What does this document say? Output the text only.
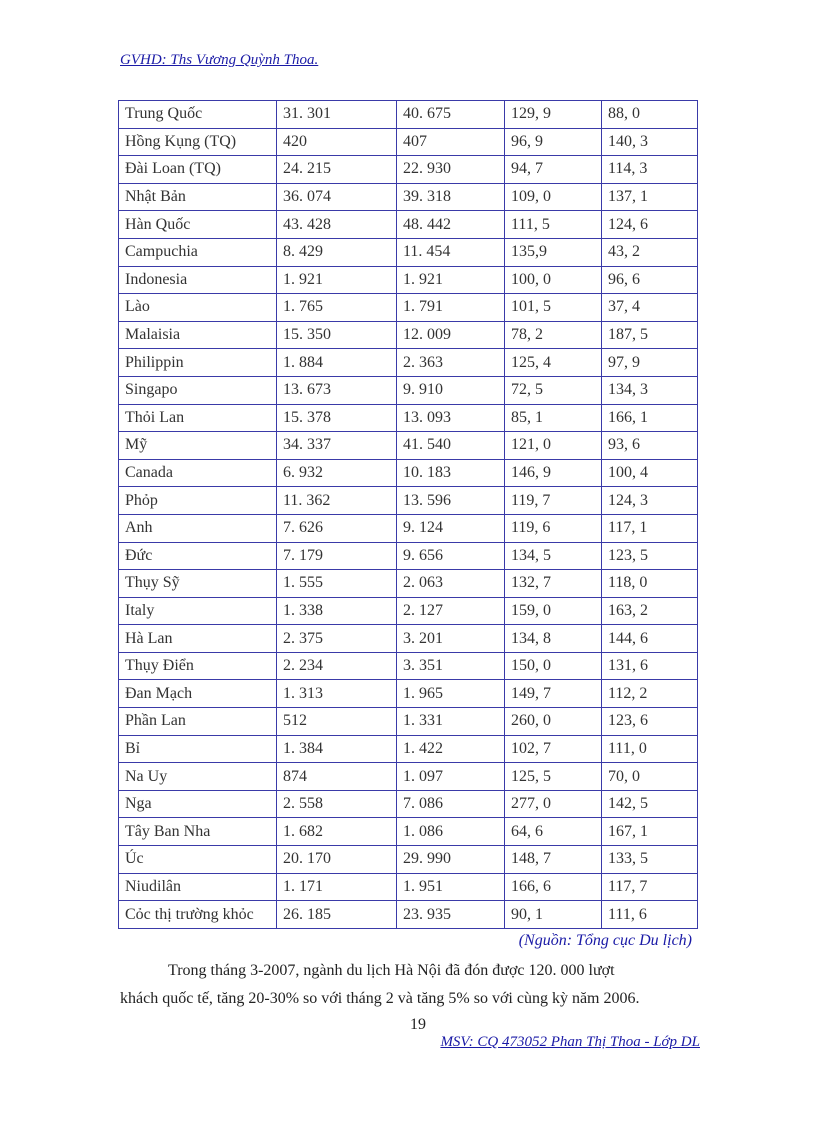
GVHD: Ths Vương Quỳnh Thoa.
Trung Quốc	31. 301	40. 675	129, 9	88, 0
Hồng Kụng (TQ)	420	407	96, 9	140, 3
Đài Loan (TQ)	24. 215	22. 930	94, 7	114, 3
Nhật Bản	36. 074	39. 318	109, 0	137, 1
Hàn Quốc	43. 428	48. 442	111, 5	124, 6
Campuchia	8. 429	11. 454	135,9	43, 2
Indonesia	1. 921	1. 921	100, 0	96, 6
Lào	1. 765	1. 791	101, 5	37, 4
Malaisia	15. 350	12. 009	78, 2	187, 5
Philippin	1. 884	2. 363	125, 4	97, 9
Singapo	13. 673	9. 910	72, 5	134, 3
Thỏi Lan	15. 378	13. 093	85, 1	166, 1
Mỹ	34. 337	41. 540	121, 0	93, 6
Canada	6. 932	10. 183	146, 9	100, 4
Phỏp	11. 362	13. 596	119, 7	124, 3
Anh	7. 626	9. 124	119, 6	117, 1
Đức	7. 179	9. 656	134, 5	123, 5
Thụy Sỹ	1. 555	2. 063	132, 7	118, 0
Italy	1. 338	2. 127	159, 0	163, 2
Hà Lan	2. 375	3. 201	134, 8	144, 6
Thụy Điển	2. 234	3. 351	150, 0	131, 6
Đan Mạch	1. 313	1. 965	149, 7	112, 2
Phần Lan	512	1. 331	260, 0	123, 6
Bỉ	1. 384	1. 422	102, 7	111, 0
Na Uy	874	1. 097	125, 5	70, 0
Nga	2. 558	7. 086	277, 0	142, 5
Tây Ban Nha	1. 682	1. 086	64, 6	167, 1
Úc	20. 170	29. 990	148, 7	133, 5
Niudilân	1. 171	1. 951	166, 6	117, 7
Cỏc thị trường khỏc	26. 185	23. 935	90, 1	111, 6
(Nguồn: Tổng cục Du lịch)
Trong tháng 3-2007, ngành du lịch Hà Nội đã đón được 120. 000 lượt
khách quốc tế, tăng 20-30% so với tháng 2 và tăng 5% so với cùng kỳ năm 2006.
19
MSV: CQ 473052 Phan Thị Thoa - Lớp DL
